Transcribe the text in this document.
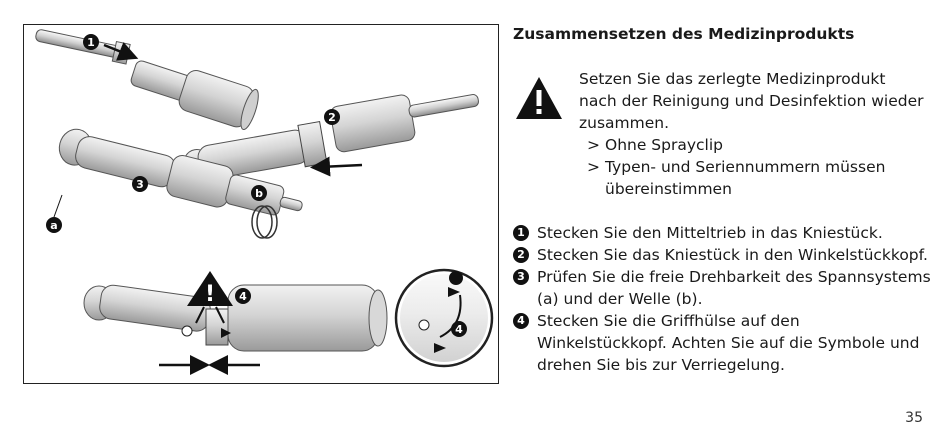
1
2
3
a
b
! 4
4
Zusammensetzen des Medizinprodukts
Setzen Sie das zerlegte Medizinprodukt
nach der Reinigung und Desinfektion wieder
zusammen.
> Ohne Sprayclip
> Typen- und Seriennummern müssen übereinstimmen
1 Stecken Sie den Mitteltrieb in das Kniestück.
2 Stecken Sie das Kniestück in den Winkelstückkopf.
3 Prüfen Sie die freie Drehbarkeit des Spannsystems (a) und der Welle (b).
4 Stecken Sie die Griffhülse auf den Winkelstückkopf. Achten Sie auf die Symbole und drehen Sie bis zur Verriegelung.
35
